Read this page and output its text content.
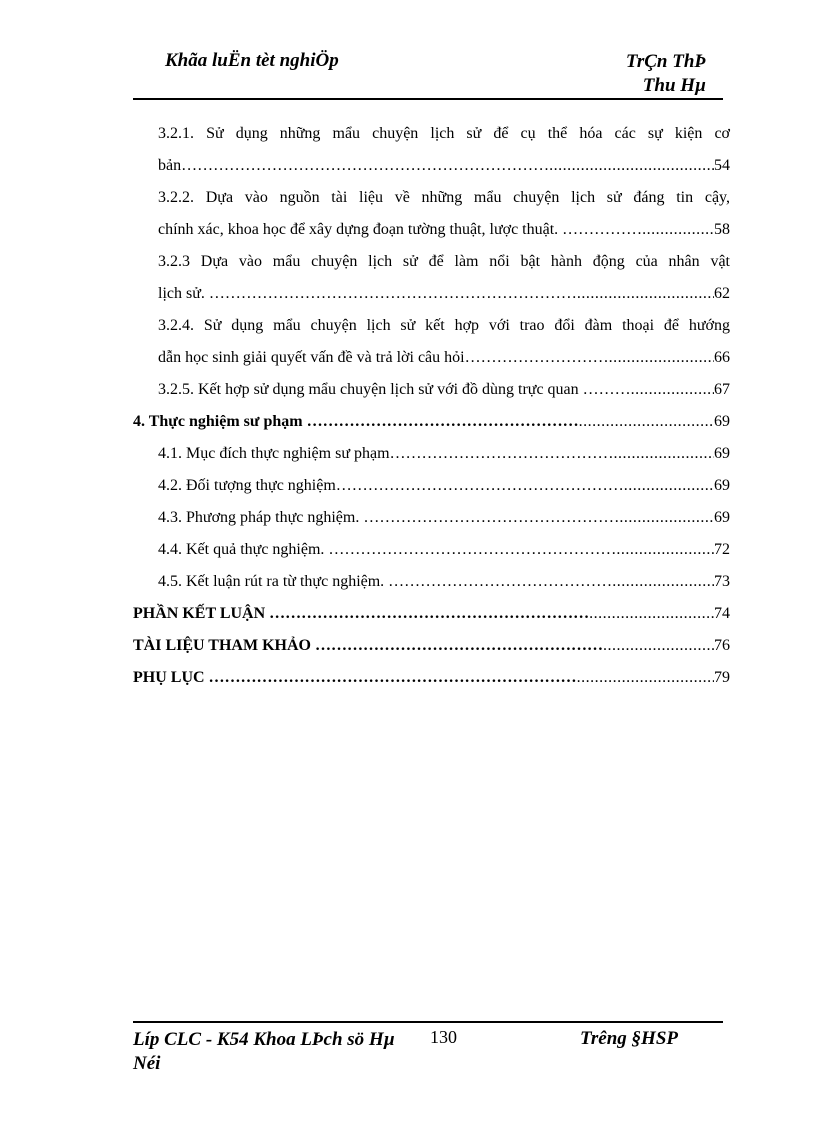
Khãa luËn tèt nghiÖp	TrÇn ThÞ
Thu Hµ
3.2.1. Sử dụng những mẩu chuyện lịch sử để cụ thể hóa các sự kiện cơ
bản…………………………………………………………… .....	54
3.2.2. Dựa vào nguồn tài liệu về những mẩu chuyện lịch sử đáng tin cậy,
chính xác, khoa học để xây dựng đoạn tường thuật, lược thuật. …………… .....	58
3.2.3 Dựa vào mẩu chuyện lịch sử để làm nổi bật hành động của nhân vật
lịch sử. …………………………………………………………… .....	62
3.2.4. Sử dụng mẩu chuyện lịch sử kết hợp với trao đổi đàm thoại để hướng
dẫn học sinh giải quyết vấn đề và trả lời câu hỏi……………………… .....	66
3.2.5. Kết hợp sử dụng mẩu chuyện lịch sử với đồ dùng trực quan ……… .....	67
4. Thực nghiệm sư phạm …………………………………………… .....	69
4.1. Mục đích thực nghiệm sư phạm…………………………………… .....	69
4.2. Đối tượng thực nghiệm……………………………………………… .....	69
4.3. Phương pháp thực nghiệm. ………………………………………… .....	69
4.4. Kết quả thực nghiệm. ……………………………………………… .....	72
4.5. Kết luận rút ra từ thực nghiệm. …………………………………… .....	73
PHẦN KẾT LUẬN …………………………………………………… .....	74
TÀI LIỆU THAM KHẢO ……………………………………………… .....	76
PHỤ LỤC …………………………………………………………… .....	79
Líp CLC - K54 Khoa LÞch sö Hµ Néi
130	Trêng §HSP
